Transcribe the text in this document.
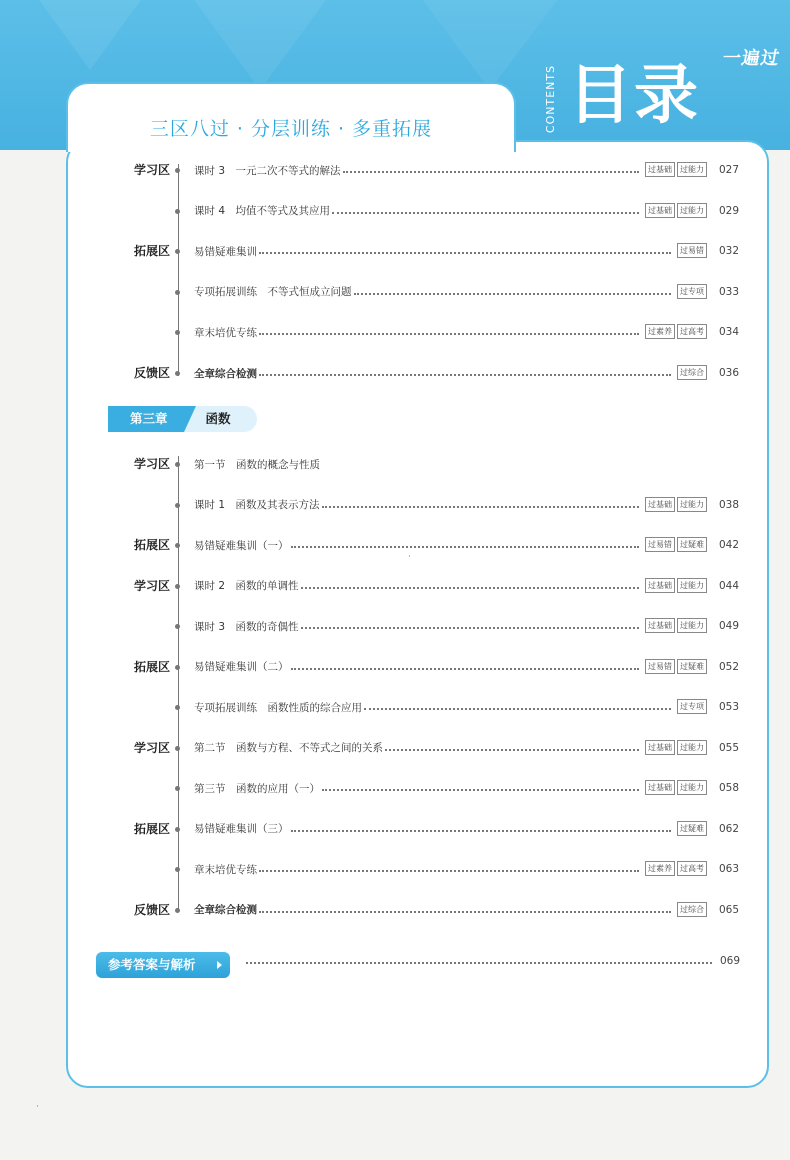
一遍过
CONTENTS 目录
三区八过 · 分层训练 · 多重拓展
学习区 课时 3　一元二次不等式的解法	过基础	过能力 027
课时 4　均值不等式及其应用	过基础	过能力 029
拓展区 易错疑难集训	过易错 032
专项拓展训练　不等式恒成立问题	过专项 033
章末培优专练	过素养	过高考 034
反馈区 全章综合检测	过综合 036
第三章	函数
学习区 第一节　函数的概念与性质
课时 1　函数及其表示方法	过基础	过能力 038
拓展区 易错疑难集训（一）	过易错	过疑难 042
学习区 课时 2　函数的单调性	过基础	过能力 044
课时 3　函数的奇偶性	过基础	过能力 049
拓展区 易错疑难集训（二）	过易错	过疑难 052
专项拓展训练　函数性质的综合应用	过专项 053
学习区 第二节　函数与方程、不等式之间的关系	过基础	过能力 055
第三节　函数的应用（一）	过基础	过能力 058
拓展区 易错疑难集训（三）	过疑难 062
章末培优专练	过素养	过高考 063
反馈区 全章综合检测	过综合 065
参考答案与解析	069
·
·
